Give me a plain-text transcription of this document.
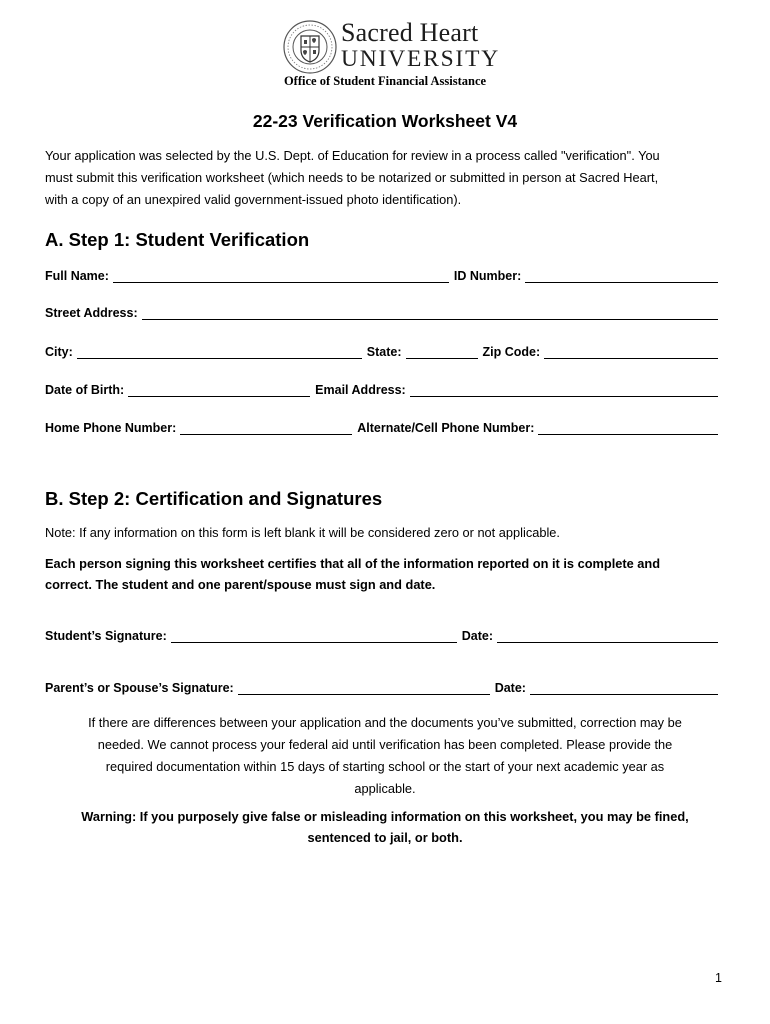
Sacred Heart
UNIVERSITY
Office of Student Financial Assistance
22-23 Verification Worksheet V4
Your application was selected by the U.S. Dept. of Education for review in a process called "verification". You
must submit this verification worksheet (which needs to be notarized or submitted in person at Sacred Heart,
with a copy of an unexpired valid government-issued photo identification).
A. Step 1: Student Verification
Full Name:	ID Number:
Street Address:
City:	State:	Zip Code:
Date of Birth:	Email Address:
Home Phone Number:	Alternate/Cell Phone Number:
B. Step 2: Certification and Signatures
Note: If any information on this form is left blank it will be considered zero or not applicable.
Each person signing this worksheet certifies that all of the information reported on it is complete and
correct. The student and one parent/spouse must sign and date.
Student’s Signature:	Date:
Parent’s or Spouse’s Signature:	Date:
If there are differences between your application and the documents you’ve submitted, correction may be
needed. We cannot process your federal aid until verification has been completed. Please provide the
required documentation within 15 days of starting school or the start of your next academic year as
applicable.
Warning: If you purposely give false or misleading information on this worksheet, you may be fined,
sentenced to jail, or both.
1
